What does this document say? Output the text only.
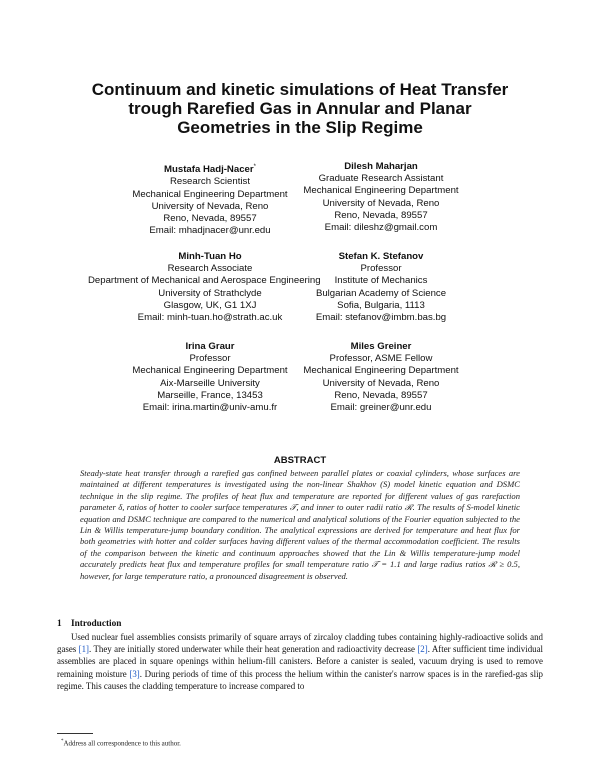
Continuum and kinetic simulations of Heat Transfer trough Rarefied Gas in Annular and Planar Geometries in the Slip Regime
Mustafa Hadj-Nacer*
Research Scientist
Mechanical Engineering Department
University of Nevada, Reno
Reno, Nevada, 89557
Email: mhadjnacer@unr.edu
Dilesh Maharjan
Graduate Research Assistant
Mechanical Engineering Department
University of Nevada, Reno
Reno, Nevada, 89557
Email: dileshz@gmail.com
Minh-Tuan Ho
Research Associate
Department of Mechanical and Aerospace Engineering
University of Strathclyde
Glasgow, UK, G1 1XJ
Email: minh-tuan.ho@strath.ac.uk
Stefan K. Stefanov
Professor
Institute of Mechanics
Bulgarian Academy of Science
Sofia, Bulgaria, 1113
Email: stefanov@imbm.bas.bg
Irina Graur
Professor
Mechanical Engineering Department
Aix-Marseille University
Marseille, France, 13453
Email: irina.martin@univ-amu.fr
Miles Greiner
Professor, ASME Fellow
Mechanical Engineering Department
University of Nevada, Reno
Reno, Nevada, 89557
Email: greiner@unr.edu
ABSTRACT
Steady-state heat transfer through a rarefied gas confined between parallel plates or coaxial cylinders, whose surfaces are maintained at different temperatures is investigated using the non-linear Shakhov (S) model kinetic equation and DSMC technique in the slip regime. The profiles of heat flux and temperature are reported for different values of gas rarefaction parameter δ, ratios of hotter to cooler surface temperatures 𝒯, and inner to outer radii ratio ℛ. The results of S-model kinetic equation and DSMC technique are compared to the numerical and analytical solutions of the Fourier equation subjected to the Lin & Willis temperature-jump boundary condition. The analytical expressions are derived for temperature and heat flux for both geometries with hotter and colder surfaces having different values of the thermal accommodation coefficient. The results of the comparison between the kinetic and continuum approaches showed that the Lin & Willis temperature-jump model accurately predicts heat flux and temperature profiles for small temperature ratio 𝒯 = 1.1 and large radius ratios ℛ ≥ 0.5, however, for large temperature ratio, a pronounced disagreement is observed.
1 Introduction
Used nuclear fuel assemblies consists primarily of square arrays of zircaloy cladding tubes containing highly-radioactive solids and gases [1]. They are initially stored underwater while their heat generation and radioactivity decrease [2]. After sufficient time individual assemblies are placed in square openings within helium-fill canisters. Before a canister is sealed, vacuum drying is used to remove remaining moisture [3]. During periods of time of this process the helium within the canister's narrow spaces is in the rarefied-gas slip regime. This causes the cladding temperature to increase compared to
*Address all correspondence to this author.
